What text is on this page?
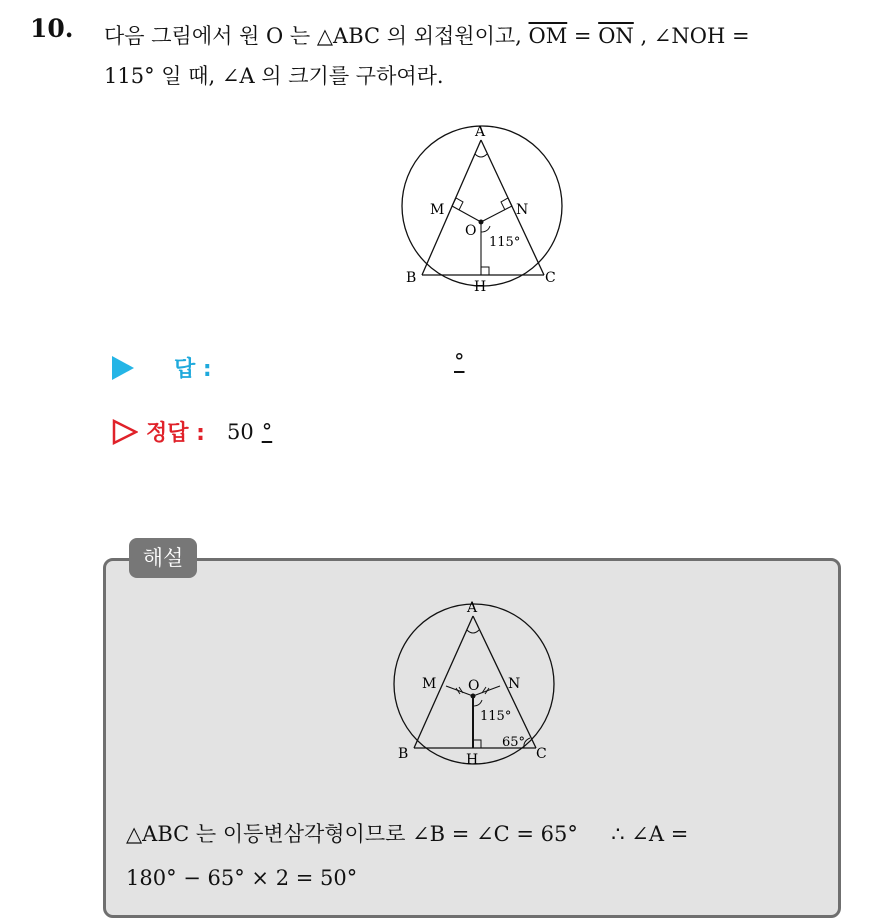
10. 다음 그림에서 원 O 는 △ABC 의 외접원이고, $\overline{OM} = \overline{ON}$ , ∠NOH =
115° 일 때, ∠A 의 크기를 구하여라.
A
B	C
M	N
O
H
115°
답 :	°
정답 : 50 °
해설
A
B	C
M	N
O
H
115°
65°
△ABC 는 이등변삼각형이므로 ∠B = ∠C = 65°     ∴ ∠A =
180° − 65° × 2 = 50°
